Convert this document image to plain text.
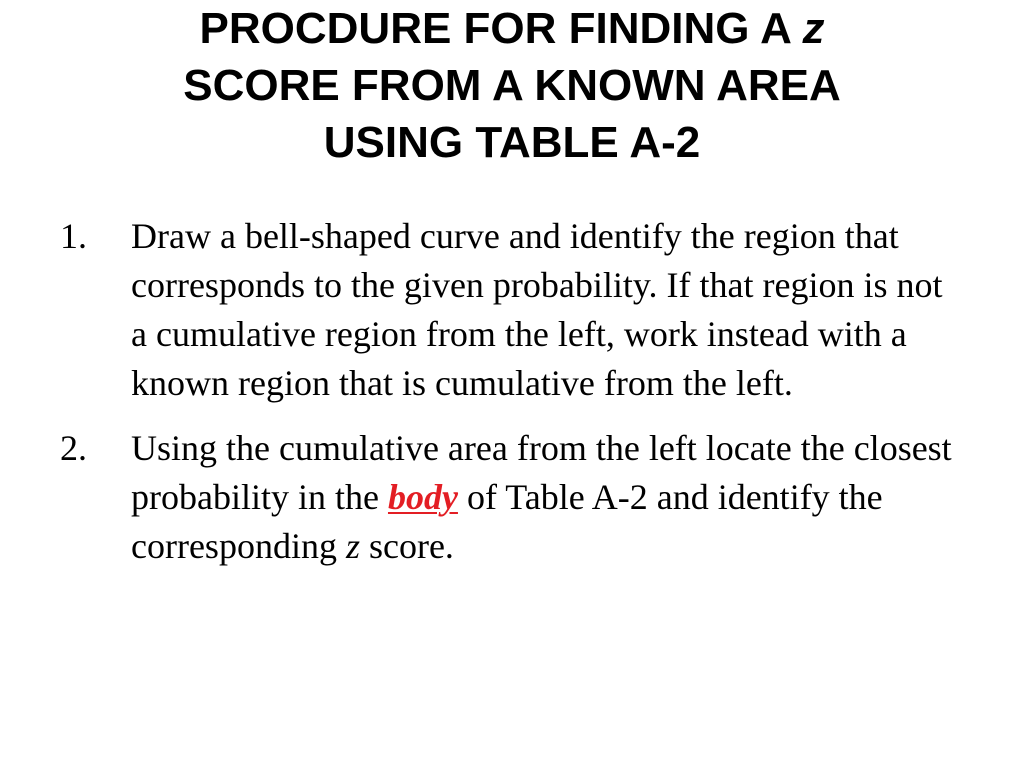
PROCDURE FOR FINDING A z
SCORE FROM A KNOWN AREA
USING TABLE A-2
1. Draw a bell-shaped curve and identify the region that corresponds to the given probability. If that region is not a cumulative region from the left, work instead with a known region that is cumulative from the left.
2. Using the cumulative area from the left locate the closest probability in the body of Table A-2 and identify the corresponding z score.
